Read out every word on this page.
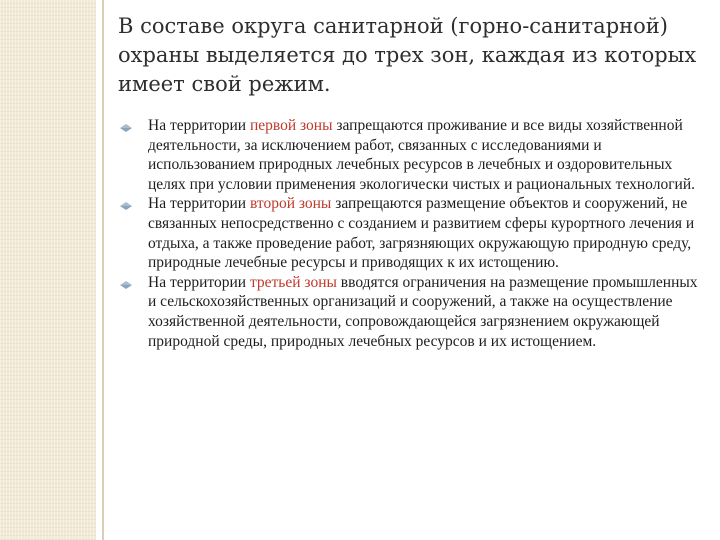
В составе округа санитарной (горно-санитарной) охраны выделяется до трех зон, каждая из которых имеет свой режим.
На территории первой зоны запрещаются проживание и все виды хозяйственной деятельности, за исключением работ, связанных с исследованиями и использованием природных лечебных ресурсов в лечебных и оздоровительных целях при условии применения экологически чистых и рациональных технологий.
На территории второй зоны запрещаются размещение объектов и сооружений, не связанных непосредственно с созданием и развитием сферы курортного лечения и отдыха, а также проведение работ, загрязняющих окружающую природную среду, природные лечебные ресурсы и приводящих к их истощению.
На территории третьей зоны вводятся ограничения на размещение промышленных и сельскохозяйственных организаций и сооружений, а также на осуществление хозяйственной деятельности, сопровождающейся загрязнением окружающей природной среды, природных лечебных ресурсов и их истощением.
